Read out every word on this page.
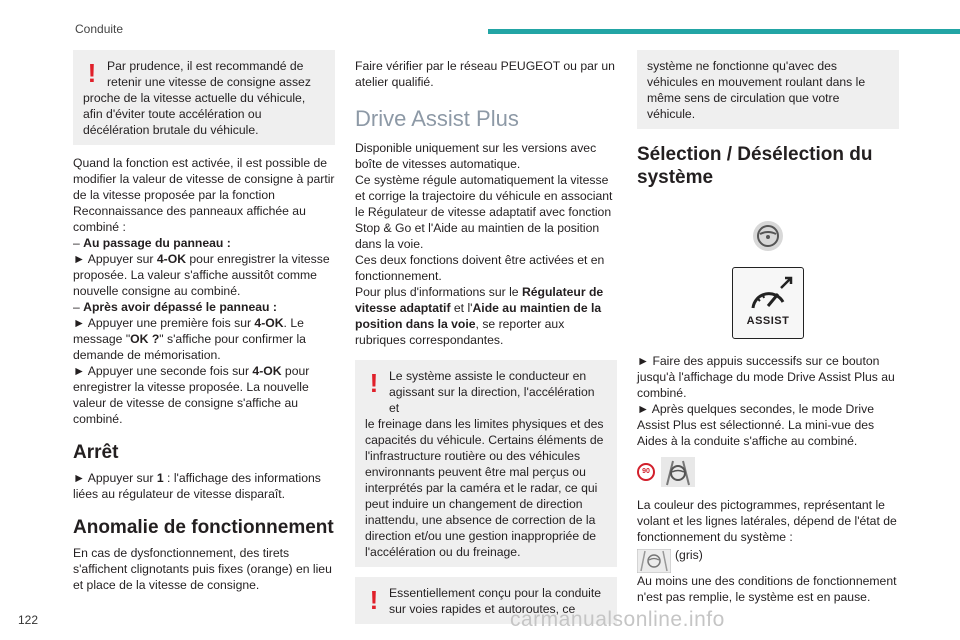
Conduite
! Par prudence, il est recommandé de

retenir une vitesse de consigne assez

proche de la vitesse actuelle du véhicule, afin d'éviter toute accélération ou décélération brutale du véhicule.

Quand la fonction est activée, il est possible de modifier la valeur de vitesse de consigne à partir de la vitesse proposée par la fonction Reconnaissance des panneaux affichée au combiné :

– Au passage du panneau :

► Appuyer sur 4-OK pour enregistrer la vitesse proposée. La valeur s'affiche aussitôt comme nouvelle consigne au combiné.

– Après avoir dépassé le panneau :

► Appuyer une première fois sur 4-OK. Le message "OK ?" s'affiche pour confirmer la demande de mémorisation.

► Appuyer une seconde fois sur 4-OK pour enregistrer la vitesse proposée. La nouvelle valeur de vitesse de consigne s'affiche au combiné.

Arrêt

► Appuyer sur 1 : l'affichage des informations liées au régulateur de vitesse disparaît.

Anomalie de fonctionnement

En cas de dysfonctionnement, des tirets s'affichent clignotants puis fixes (orange) en lieu et place de la vitesse de consigne.

Faire vérifier par le réseau PEUGEOT ou par un atelier qualifié.

Drive Assist Plus

Disponible uniquement sur les versions avec boîte de vitesses automatique.

Ce système régule automatiquement la vitesse et corrige la trajectoire du véhicule en associant le Régulateur de vitesse adaptatif avec fonction Stop & Go et l'Aide au maintien de la position dans la voie.

Ces deux fonctions doivent être activées et en fonctionnement.

Pour plus d'informations sur le Régulateur de vitesse adaptatif et l'Aide au maintien de la position dans la voie, se reporter aux rubriques correspondantes.

! Le système assiste le conducteur en

agissant sur la direction, l'accélération et

le freinage dans les limites physiques et des capacités du véhicule. Certains éléments de l'infrastructure routière ou des véhicules environnants peuvent être mal perçus ou interprétés par la caméra et le radar, ce qui peut induire un changement de direction inattendu, une absence de correction de la direction et/ou une gestion inappropriée de l'accélération ou du freinage.

! Essentiellement conçu pour la conduite

sur voies rapides et autoroutes, ce

système ne fonctionne qu'avec des véhicules en mouvement roulant dans le même sens de circulation que votre véhicule.

Sélection / Désélection du système
ASSIST

► Faire des appuis successifs sur ce bouton jusqu'à l'affichage du mode Drive Assist Plus au combiné.

► Après quelques secondes, le mode Drive Assist Plus est sélectionné. La mini-vue des Aides à la conduite s'affiche au combiné.

90

La couleur des pictogrammes, représentant le volant et les lignes latérales, dépend de l'état de fonctionnement du système :

(gris)

Au moins une des conditions de fonctionnement n'est pas remplie, le système est en pause.

122	carmanualsonline.info
